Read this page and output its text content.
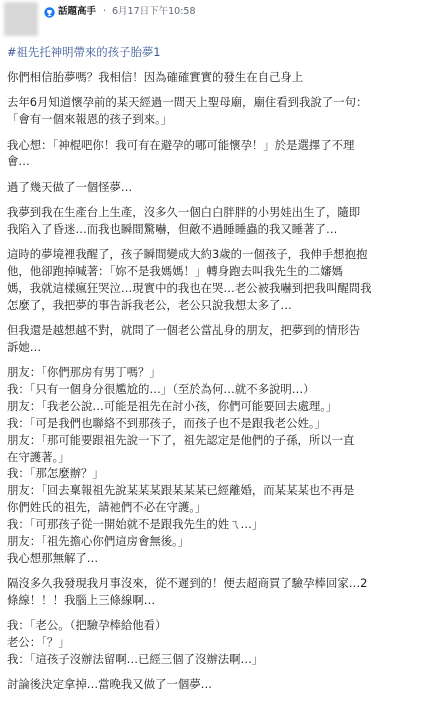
話題高手 · 6月17日下午10:58

#祖先托神明帶來的孩子胎夢1

你們相信胎夢嗎？我相信！因為確確實實的發生在自己身上

去年6月知道懷孕前的某天經過一間天上聖母廟，廟住看到我說了一句：
「會有一個來報恩的孩子到來。」

我心想：「神棍吧你！我可有在避孕的哪可能懷孕！」於是選擇了不理
會…

過了幾天做了一個怪夢…

我夢到我在生產台上生產，沒多久一個白白胖胖的小男娃出生了，隨即
我陷入了昏迷…而我也瞬間驚嚇，但敵不過睡睡蟲的我又睡著了…

這時的夢境裡我醒了，孩子瞬間變成大約3歲的一個孩子，我伸手想抱抱
他，他卻跑掉喊著：「妳不是我媽媽！」轉身跑去叫我先生的二嬸媽
媽，我就這樣瘋狂哭泣…現實中的我也在哭…老公被我嚇到把我叫醒問我
怎麼了，我把夢的事告訴我老公，老公只說我想太多了…

但我還是越想越不對，就問了一個老公當乩身的朋友，把夢到的情形告
訴她…

朋友：「你們那房有男丁嗎？」
我：「只有一個身分很尷尬的…」（至於為何…就不多說明…）
朋友：「我老公說…可能是祖先在討小孩，你們可能要回去處理。」
我：「可是我們也聯絡不到那孩子，而孩子也不是跟我老公姓。」
朋友：「那可能要跟祖先說一下了，祖先認定是他們的子孫，所以一直
在守護著。」
我：「那怎麼辦？」
朋友：「回去稟報祖先說某某某跟某某某已經離婚，而某某某也不再是
你們姓氏的祖先，請祂們不必在守護。」
我：「可那孩子從一開始就不是跟我先生的姓ㄟ…」
朋友：「祖先擔心你們這房會無後。」
我心想那無解了…

隔沒多久我發現我月事沒來，從不遲到的！便去超商買了驗孕棒回家…2
條線！！！我腦上三條線啊…

我：「老公。（把驗孕棒給他看）
老公：「？」
我：「這孩子沒辦法留啊…已經三個了沒辦法啊…」

討論後決定拿掉…當晚我又做了一個夢…
